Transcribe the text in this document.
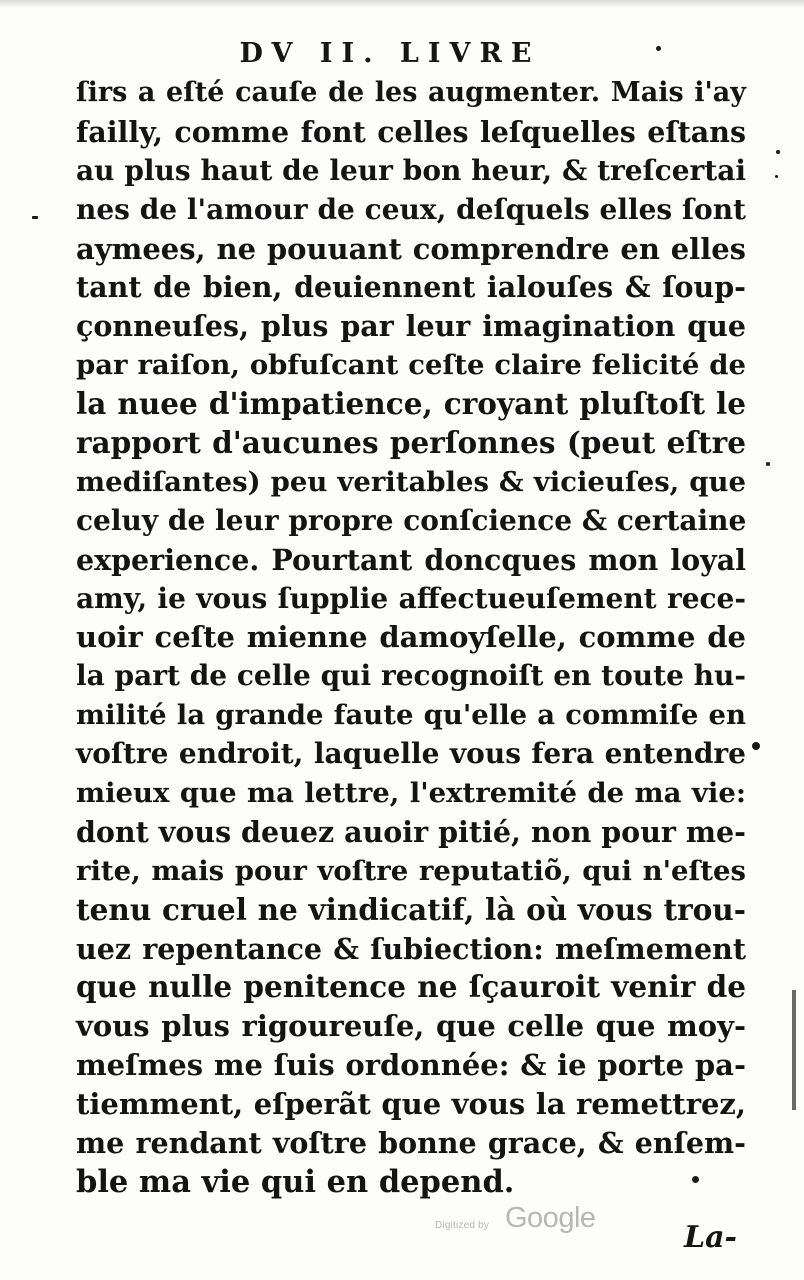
DV II. LIVRE
ſirs a eſté cauſe de les augmenter. Mais i'ay
failly, comme font celles leſquelles eſtans
au plus haut de leur bon heur, & treſcertai
nes de l'amour de ceux, deſquels elles ſont
aymees, ne pouuant comprendre en elles
tant de bien, deuiennent ialouſes & ſoup-
çonneuſes, plus par leur imagination que
par raiſon, obfuſcant ceſte claire felicité de
la nuee d'impatience, croyant pluſtoſt le
rapport d'aucunes perſonnes (peut eſtre
mediſantes) peu veritables & vicieuſes, que
celuy de leur propre conſcience & certaine
experience. Pourtant doncques mon loyal
amy, ie vous ſupplie affectueuſement rece-
uoir ceſte mienne damoyſelle, comme de
la part de celle qui recognoiſt en toute hu-
milité la grande faute qu'elle a commiſe en
voſtre endroit, laquelle vous fera entendre
mieux que ma lettre, l'extremité de ma vie:
dont vous deuez auoir pitié, non pour me-
rite, mais pour voſtre reputatiõ, qui n'eſtes
tenu cruel ne vindicatif, là où vous trou-
uez repentance & ſubiection: meſmement
que nulle penitence ne ſçauroit venir de
vous plus rigoureuſe, que celle que moy-
meſmes me ſuis ordonnée: & ie porte pa-
tiemment, eſperãt que vous la remettrez,
me rendant voſtre bonne grace, & enſem-
ble ma vie qui en depend.
Digitized by Google
La-
